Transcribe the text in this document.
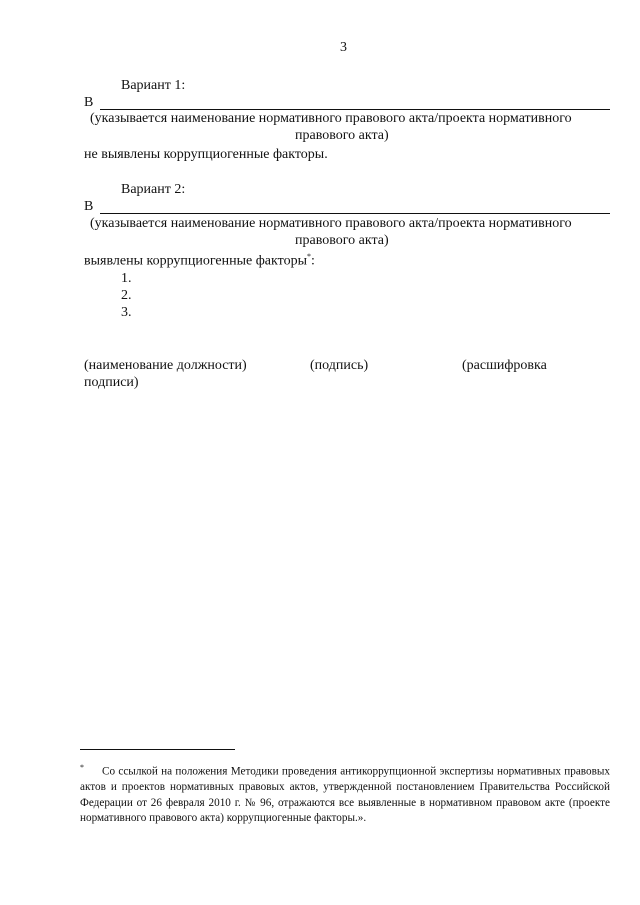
3
Вариант 1:
В
(указывается наименование нормативного правового акта/проекта нормативного
правового акта)
не выявлены коррупциогенные факторы.
Вариант 2:
В
(указывается наименование нормативного правового акта/проекта нормативного
правового акта)
выявлены коррупциогенные факторы*:
1.
2.
3.
(наименование должности)	(подпись)	(расшифровка
подписи)
* Со ссылкой на положения Методики проведения антикоррупционной экспертизы нормативных правовых актов и проектов нормативных правовых актов, утвержденной постановлением Правительства Российской Федерации от 26 февраля 2010 г. № 96, отражаются все выявленные в нормативном правовом акте (проекте нормативного правового акта) коррупциогенные факторы.».
